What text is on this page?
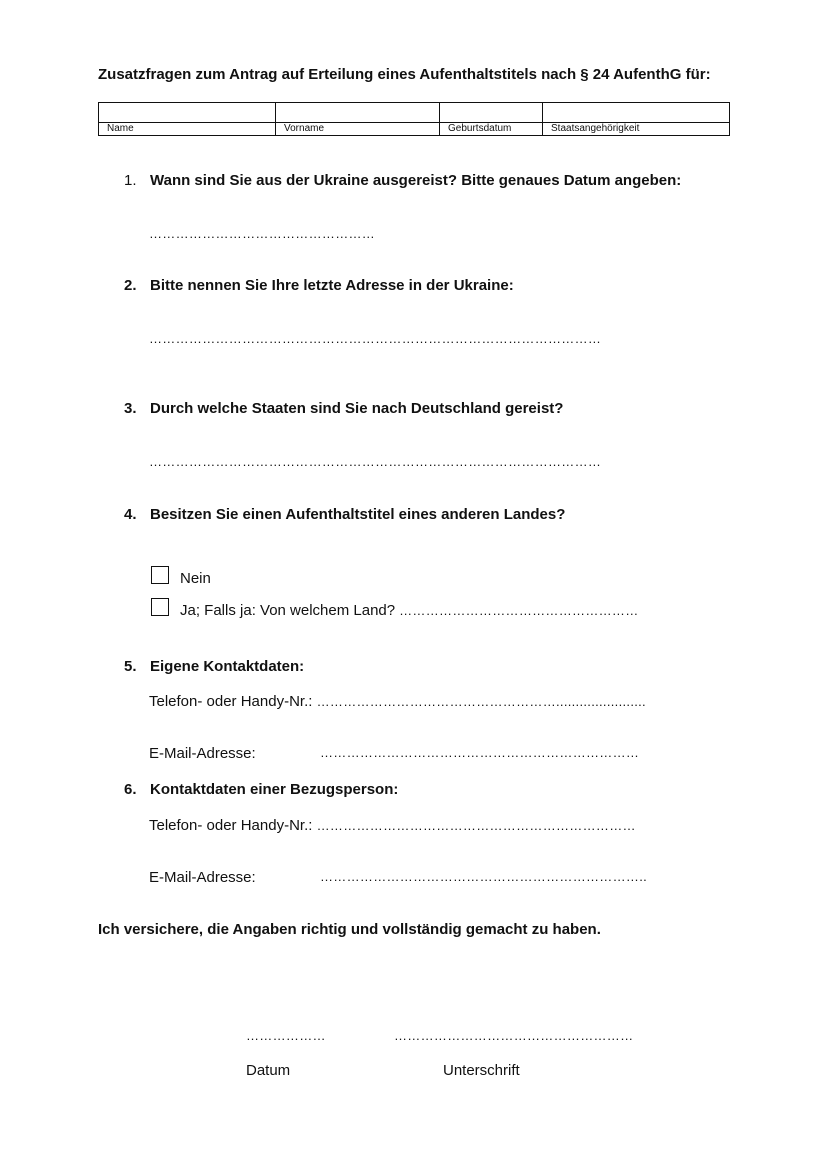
Zusatzfragen zum Antrag auf Erteilung eines Aufenthaltstitels nach § 24 AufenthG für:

Name	Vorname	Geburtsdatum	Staatsangehörigkeit
1. Wann sind Sie aus der Ukraine ausgereist? Bitte genaues Datum angeben:
……………………………………………
2. Bitte nennen Sie Ihre letzte Adresse in der Ukraine:
…………………………………………………………………………………………
3. Durch welche Staaten sind Sie nach Deutschland gereist?
…………………………………………………………………………………………
4. Besitzen Sie einen Aufenthaltstitel eines anderen Landes?
Nein
Ja; Falls ja: Von welchem Land? ………………………………………………
5. Eigene Kontaktdaten:
Telefon- oder Handy-Nr.: ……………………………………………….......................
E-Mail-Adresse:	………………………………………………………………
6. Kontaktdaten einer Bezugsperson:
Telefon- oder Handy-Nr.: ………………………………………………………………
E-Mail-Adresse:	………………………………………………………………..
Ich versichere, die Angaben richtig und vollständig gemacht zu haben.
………………	………………………………………………
Datum	Unterschrift
